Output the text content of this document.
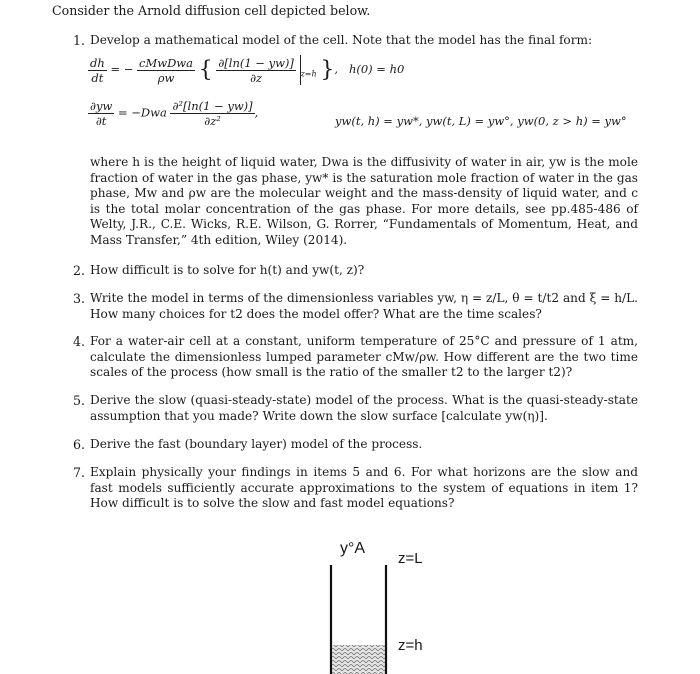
Consider the Arnold diffusion cell depicted below.
1. Develop a mathematical model of the cell. Note that the model has the final form:
$\frac{dh}{dt}$ = − $\frac{\text{cMwDwa}}{\rho w}$ { $\frac{\partial[\ln(1 - yw)]}{\partial z} _{z=h}$ },   h(0) = h0
$\frac{\partial yw}{\partial t} = -Dwa \frac{\text{∂²[ln(1 − yw)]}}{\text{∂z²}}$ ,
yw(t, h) = yw*, yw(t, L) = yw°, yw(0, z > h) = yw°
where h is the height of liquid water, Dwa is the diffusivity of water in air, yw is the mole fraction of water in the gas phase, yw* is the saturation mole fraction of water in the gas phase, Mw and ρw are the molecular weight and the mass-density of liquid water, and c is the total molar concentration of the gas phase. For more details, see pp.485-486 of Welty, J.R., C.E. Wicks, R.E. Wilson, G. Rorrer, “Fundamentals of Momentum, Heat, and Mass Transfer,” 4th edition, Wiley (2014).
2. How difficult is to solve for h(t) and yw(t, z)?
3. Write the model in terms of the dimensionless variables yw, η = z/L, θ = t/t2 and ξ = h/L. How many choices for t2 does the model offer? What are the time scales?
4. For a water-air cell at a constant, uniform temperature of 25°C and pressure of 1 atm, calculate the dimensionless lumped parameter cMw/ρw. How different are the two time scales of the process (how small is the ratio of the smaller t2 to the larger t2)?
5. Derive the slow (quasi-steady-state) model of the process. What is the quasi-steady-state assumption that you made? Write down the slow surface [calculate yw(η)].
6. Derive the fast (boundary layer) model of the process.
7. Explain physically your findings in items 5 and 6. For what horizons are the slow and fast models sufficiently accurate approximations to the system of equations in item 1? How difficult is to solve the slow and fast model equations?
y°A
z=L
z=h
